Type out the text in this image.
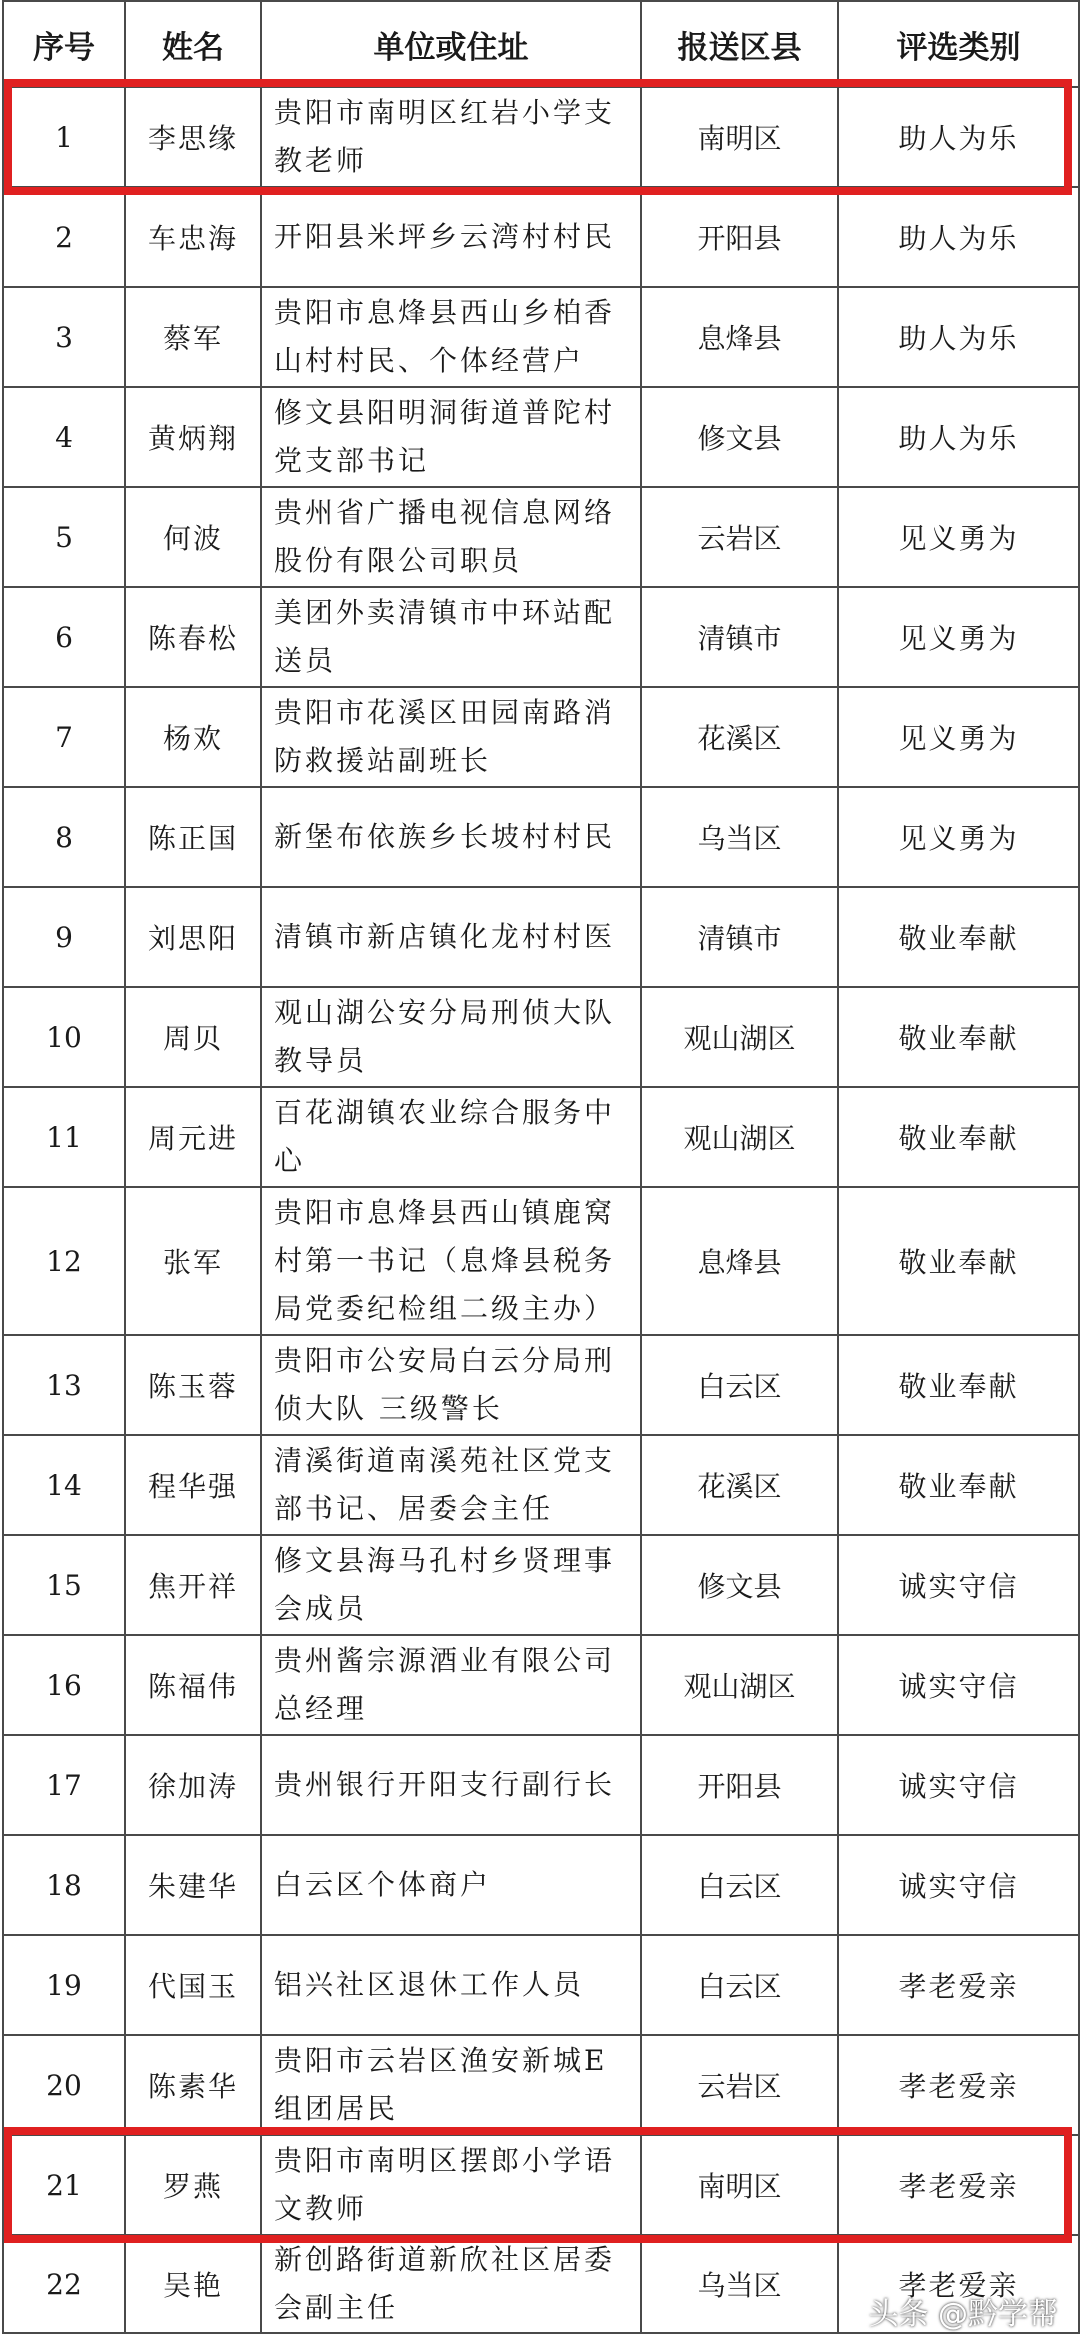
序号	姓名	单位或住址	报送区县	评选类别
1	李思缘	贵阳市南明区红岩小学支教老师	南明区	助人为乐
2	车忠海	开阳县米坪乡云湾村村民	开阳县	助人为乐
3	蔡军	贵阳市息烽县西山乡柏香山村村民、个体经营户	息烽县	助人为乐
4	黄炳翔	修文县阳明洞街道普陀村党支部书记	修文县	助人为乐
5	何波	贵州省广播电视信息网络股份有限公司职员	云岩区	见义勇为
6	陈春松	美团外卖清镇市中环站配送员	清镇市	见义勇为
7	杨欢	贵阳市花溪区田园南路消防救援站副班长	花溪区	见义勇为
8	陈正国	新堡布依族乡长坡村村民	乌当区	见义勇为
9	刘思阳	清镇市新店镇化龙村村医	清镇市	敬业奉献
10	周贝	观山湖公安分局刑侦大队教导员	观山湖区	敬业奉献
11	周元进	百花湖镇农业综合服务中心	观山湖区	敬业奉献
12	张军	贵阳市息烽县西山镇鹿窝村第一书记（息烽县税务局党委纪检组二级主办）	息烽县	敬业奉献
13	陈玉蓉	贵阳市公安局白云分局刑侦大队 三级警长	白云区	敬业奉献
14	程华强	清溪街道南溪苑社区党支部书记、居委会主任	花溪区	敬业奉献
15	焦开祥	修文县海马孔村乡贤理事会成员	修文县	诚实守信
16	陈福伟	贵州酱宗源酒业有限公司总经理	观山湖区	诚实守信
17	徐加涛	贵州银行开阳支行副行长	开阳县	诚实守信
18	朱建华	白云区个体商户	白云区	诚实守信
19	代国玉	铝兴社区退休工作人员	白云区	孝老爱亲
20	陈素华	贵阳市云岩区渔安新城E组团居民	云岩区	孝老爱亲
21	罗燕	贵阳市南明区摆郎小学语文教师	南明区	孝老爱亲
22	吴艳	新创路街道新欣社区居委会副主任	乌当区	孝老爱亲
头条 @黔学帮
